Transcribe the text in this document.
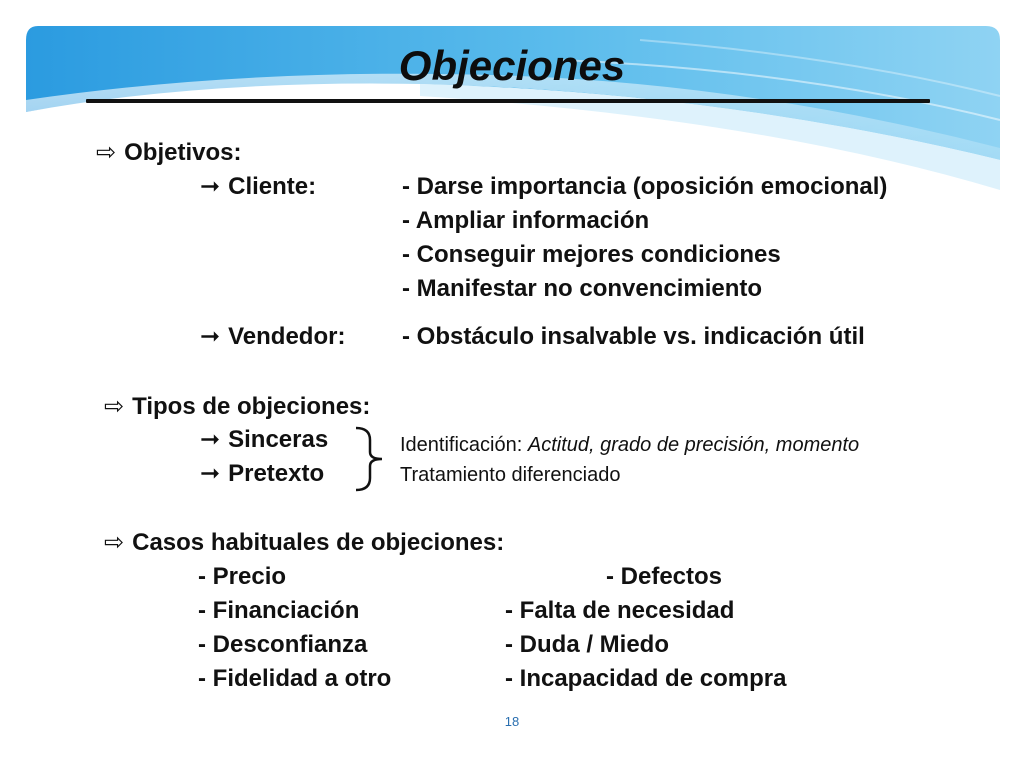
Objeciones
⇨ Objetivos:
➞ Cliente:	- Darse importancia (oposición emocional)
- Ampliar información
- Conseguir mejores condiciones
- Manifestar no convencimiento
➞ Vendedor: - Obstáculo insalvable vs. indicación útil
⇨ Tipos de objeciones:
➞ Sinceras
➞ Pretexto
Identificación: Actitud, grado de precisión, momento
Tratamiento diferenciado
⇨ Casos habituales de objeciones:
- Precio
- Financiación
- Desconfianza
- Fidelidad a otro
- Defectos
- Falta de necesidad
- Duda / Miedo
- Incapacidad de compra
18
